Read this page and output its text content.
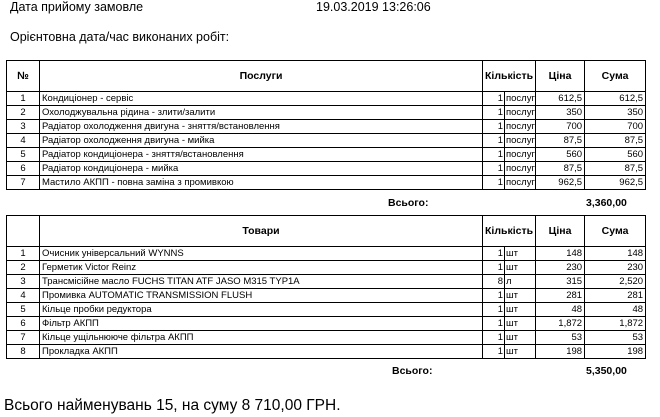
Дата прийому замовле	19.03.2019 13:26:06
Орієнтовна дата/час виконаних робіт:
№	Послуги	Кількість	Ціна	Сума
1	Кондиціонер - сервіс	1 послуг	612,5	612,5
2	Охолоджувальна рідина - злити/залити	1 послуг	350	350
3	Радіатор охолодження двигуна - зняття/встановлення	1 послуг	700	700
4	Радіатор охолодження двигуна - мийка	1 послуг	87,5	87,5
5	Радіатор кондиціонера - зняття/встановлення	1 послуг	560	560
6	Радіатор кондиціонера - мийка	1 послуг	87,5	87,5
7	Мастило АКПП - повна заміна з промивкою	1 послуг	962,5	962,5
Всього:	3,360,00
	Товари	Кількість	Ціна	Сума
1	Очисник універсальний WYNNS	1 шт	148	148
2	Герметик Victor Reinz	1 шт	230	230
3	Трансмісійне масло FUCHS TITAN ATF JASO M315 TYP1A	8 л	315	2,520
4	Промивка AUTOMATIC TRANSMISSION FLUSH	1 шт	281	281
5	Кільце пробки редуктора	1 шт	48	48
6	Фільтр АКПП	1 шт	1,872	1,872
7	Кільце ущільнююче фільтра АКПП	1 шт	53	53
8	Прокладка АКПП	1 шт	198	198
Всього:	5,350,00
Всього найменувань 15, на суму 8 710,00 ГРН.
